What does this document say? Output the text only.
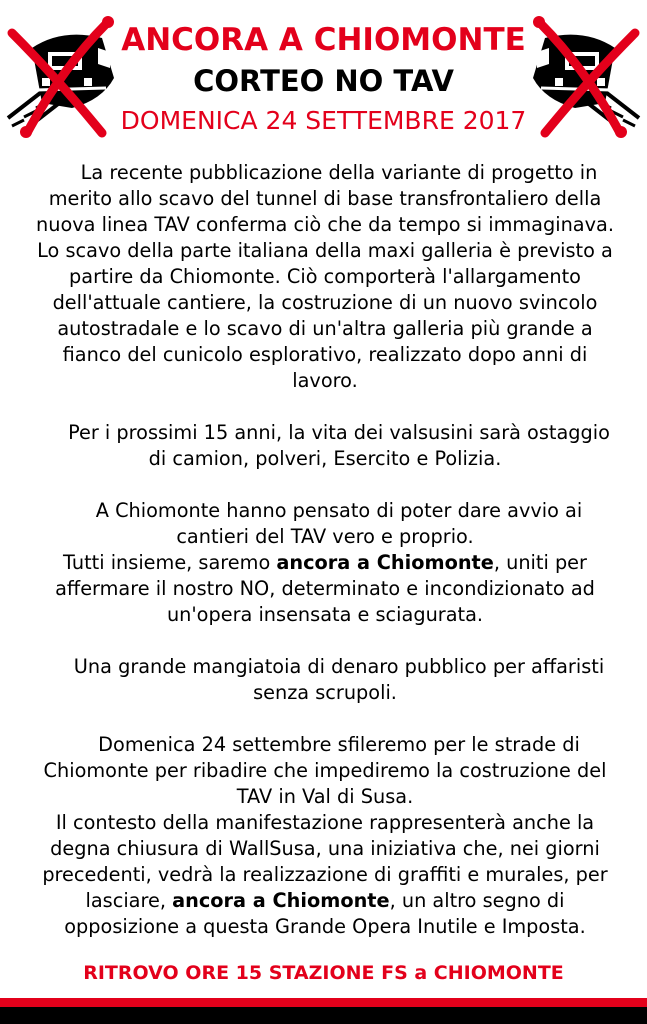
ANCORA A CHIOMONTE
CORTEO NO TAV
DOMENICA 24 SETTEMBRE 2017

La recente pubblicazione della variante di progetto in merito allo scavo del tunnel di base transfrontaliero della nuova linea TAV conferma ciò che da tempo si immaginava. Lo scavo della parte italiana della maxi galleria è previsto a partire da Chiomonte. Ciò comporterà l'allargamento dell'attuale cantiere, la costruzione di un nuovo svincolo autostradale e lo scavo di un'altra galleria più grande a fianco del cunicolo esplorativo, realizzato dopo anni di lavoro.

Per i prossimi 15 anni, la vita dei valsusini sarà ostaggio di camion, polveri, Esercito e Polizia.

A Chiomonte hanno pensato di poter dare avvio ai cantieri del TAV vero e proprio.

Tutti insieme, saremo ancora a Chiomonte, uniti per affermare il nostro NO, determinato e incondizionato ad un'opera insensata e sciagurata.

Una grande mangiatoia di denaro pubblico per affaristi senza scrupoli.

Domenica 24 settembre sfileremo per le strade di Chiomonte per ribadire che impediremo la costruzione del TAV in Val di Susa.

Il contesto della manifestazione rappresenterà anche la degna chiusura di WallSusa, una iniziativa che, nei giorni precedenti, vedrà la realizzazione di graffiti e murales, per lasciare, ancora a Chiomonte, un altro segno di opposizione a questa Grande Opera Inutile e Imposta.

RITROVO ORE 15 STAZIONE FS a CHIOMONTE
